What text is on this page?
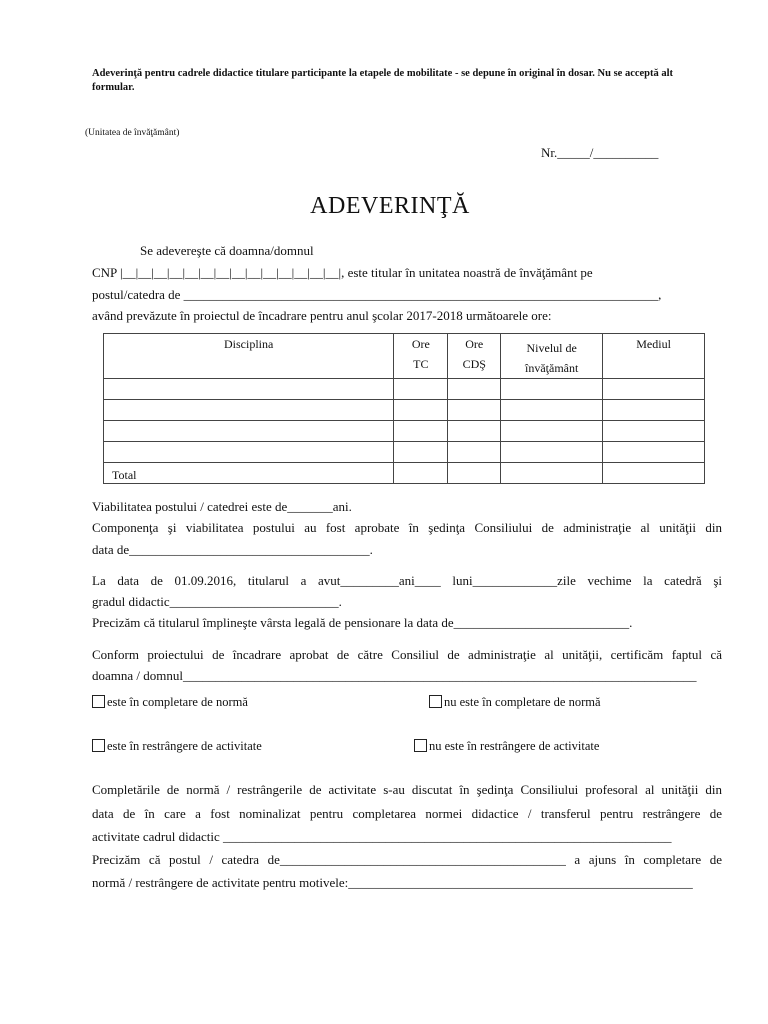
Adeverinţă pentru cadrele didactice titulare participante la etapele de mobilitate - se depune în original în dosar. Nu se acceptă alt formular.
(Unitatea de învăţământ)
Nr._____/__________
ADEVERINŢĂ
Se adevereşte că doamna/domnul
CNP |__|__|__|__|__|__|__|__|__|__|__|__|__|__|, este titular în unitatea noastră de învăţământ pe
postul/catedra de _________________________________________________________________________,
având prevăzute în proiectul de încadrare pentru anul şcolar 2017-2018 următoarele ore:
Disciplina	Ore TC	Ore CDŞ	Nivelul de învăţământ	Mediul

Total				
Viabilitatea postului / catedrei este de_______ani.
Componenţa şi viabilitatea postului au fost aprobate în şedinţa Consiliului de administraţie al unităţii din
data de_____________________________________.
La data de 01.09.2016, titularul a avut_________ani____ luni_____________zile vechime la catedră şi
gradul didactic__________________________.
Precizăm că titularul împlineşte vârsta legală de pensionare la data de___________________________.
Conform proiectului de încadrare aprobat de către Consiliul de administraţie al unităţii, certificăm faptul că
doamna / domnul_______________________________________________________________________________
este în completare de normă	nu este în completare de normă
este în restrângere de activitate	nu este în restrângere de activitate
Completările de normă / restrângerile de activitate s-au discutat în şedinţa Consiliului profesoral al unităţii din
data de în care a fost nominalizat pentru completarea normei didactice / transferul pentru restrângere de
activitate cadrul didactic _____________________________________________________________________
Precizăm că postul / catedra de____________________________________________ a ajuns în completare de
normă / restrângere de activitate pentru motivele:_____________________________________________________
